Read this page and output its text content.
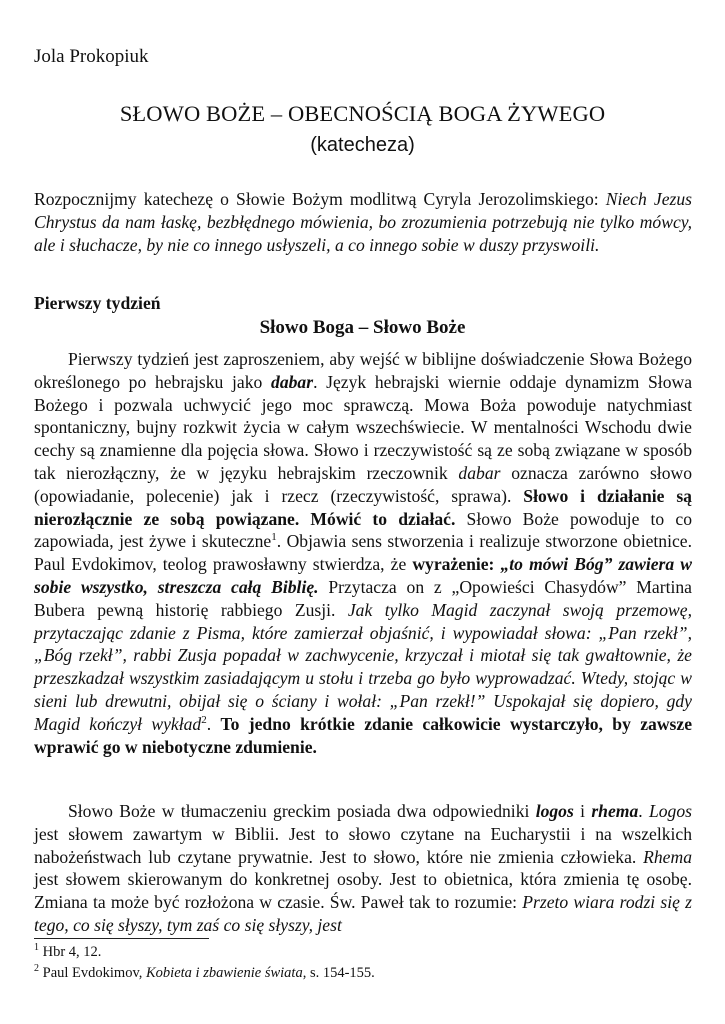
Jola Prokopiuk
SŁOWO BOŻE – OBECNOŚCIĄ BOGA ŻYWEGO
(katecheza)
Rozpocznijmy katechezę o Słowie Bożym modlitwą Cyryla Jerozolimskiego: Niech Jezus Chrystus da nam łaskę, bezbłędnego mówienia, bo zrozumienia potrzebują nie tylko mówcy, ale i słuchacze, by nie co innego usłyszeli, a co innego sobie w duszy przyswoili.
Pierwszy tydzień
Słowo Boga – Słowo Boże
Pierwszy tydzień jest zaproszeniem, aby wejść w biblijne doświadczenie Słowa Bożego określonego po hebrajsku jako dabar. Język hebrajski wiernie oddaje dynamizm Słowa Bożego i pozwala uchwycić jego moc sprawczą. Mowa Boża powoduje natychmiast spontaniczny, bujny rozkwit życia w całym wszechświecie. W mentalności Wschodu dwie cechy są znamienne dla pojęcia słowa. Słowo i rzeczywistość są ze sobą związane w sposób tak nierozłączny, że w języku hebrajskim rzeczownik dabar oznacza zarówno słowo (opowiadanie, polecenie) jak i rzecz (rzeczywistość, sprawa). Słowo i działanie są nierozłącznie ze sobą powiązane. Mówić to działać. Słowo Boże powoduje to co zapowiada, jest żywe i skuteczne$^1$. Objawia sens stworzenia i realizuje stworzone obietnice. Paul Evdokimov, teolog prawosławny stwierdza, że wyrażenie: „to mówi Bóg” zawiera w sobie wszystko, streszcza całą Biblię. Przytacza on z „Opowieści Chasydów” Martina Bubera pewną historię rabbiego Zusji. Jak tylko Magid zaczynał swoją przemowę, przytaczając zdanie z Pisma, które zamierzał objaśnić, i wypowiadał słowa: „Pan rzekł”, „Bóg rzekł”, rabbi Zusja popadał w zachwycenie, krzyczał i miotał się tak gwałtownie, że przeszkadzał wszystkim zasiadającym u stołu i trzeba go było wyprowadzać. Wtedy, stojąc w sieni lub drewutni, obijał się o ściany i wołał: „Pan rzekł!” Uspokajał się dopiero, gdy Magid kończył wykład$^2$. To jedno krótkie zdanie całkowicie wystarczyło, by zawsze wprawić go w niebotyczne zdumienie.
Słowo Boże w tłumaczeniu greckim posiada dwa odpowiedniki logos i rhema. Logos jest słowem zawartym w Biblii. Jest to słowo czytane na Eucharystii i na wszelkich nabożeństwach lub czytane prywatnie. Jest to słowo, które nie zmienia człowieka. Rhema jest słowem skierowanym do konkretnej osoby. Jest to obietnica, która zmienia tę osobę. Zmiana ta może być rozłożona w czasie. Św. Paweł tak to rozumie: Przeto wiara rodzi się z tego, co się słyszy, tym zaś co się słyszy, jest
$^1$ Hbr 4, 12.
$^2$ Paul Evdokimov, Kobieta i zbawienie świata, s. 154-155.
